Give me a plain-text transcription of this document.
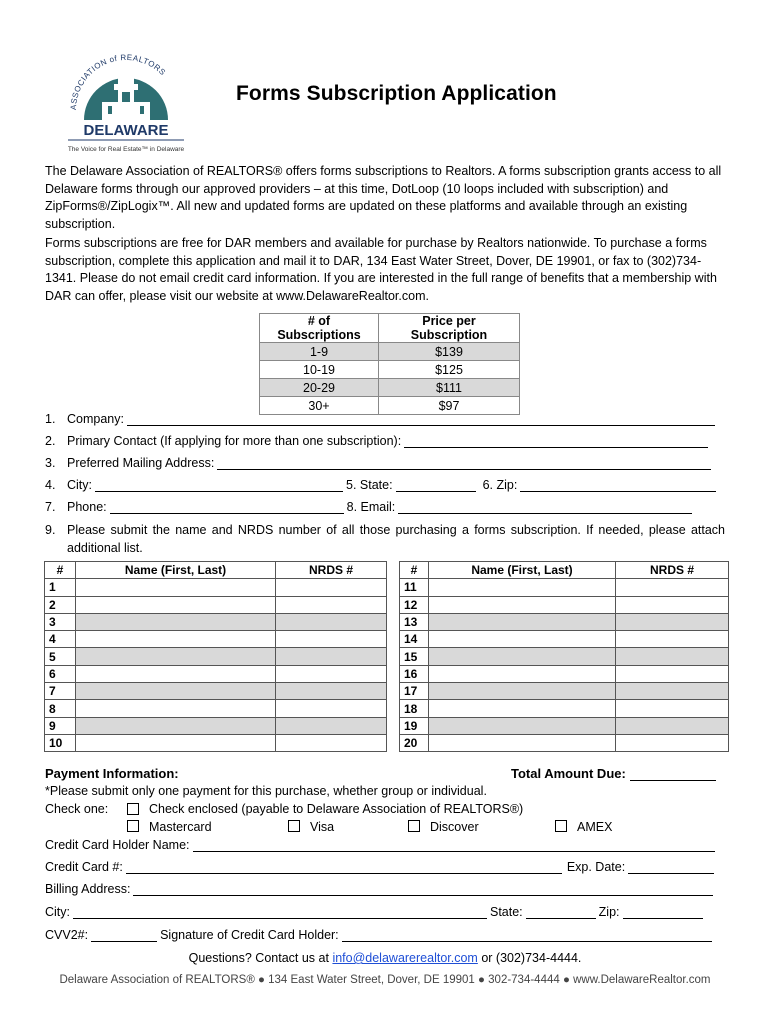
ASSOCIATION of REALTORS
DELAWARE
The Voice for Real Estate™ in Delaware
Forms Subscription Application
The Delaware Association of REALTORS® offers forms subscriptions to Realtors. A forms subscription grants access to all Delaware forms through our approved providers – at this time, DotLoop (10 loops included with subscription) and ZipForms®/ZipLogix™. All new and updated forms are updated on these platforms and available through an existing subscription.
Forms subscriptions are free for DAR members and available for purchase by Realtors nationwide. To purchase a forms subscription, complete this application and mail it to DAR, 134 East Water Street, Dover, DE 19901, or fax to (302)734-1341. Please do not email credit card information. If you are interested in the full range of benefits that a membership with DAR can offer, please visit our website at www.DelawareRealtor.com.
# of Subscriptions	Price per Subscription
1-9	$139
10-19	$125
20-29	$111
30+	$97
1. Company:
2. Primary Contact (If applying for more than one subscription):
3. Preferred Mailing Address:
4. City:	5. State:	6. Zip:
7. Phone:	8. Email:
9. Please submit the name and NRDS number of all those purchasing a forms subscription. If needed, please attach additional list.
#	Name (First, Last)	NRDS #		#	Name (First, Last)	NRDS #
1				11		
2				12		
3				13		
4				14		
5				15		
6				16		
7				17		
8				18		
9				19		
10				20		
Payment Information:	Total Amount Due:
*Please submit only one payment for this purchase, whether group or individual.
Check one:	Check enclosed (payable to Delaware Association of REALTORS®)
Mastercard	Visa	Discover	AMEX
Credit Card Holder Name:
Credit Card #:	Exp. Date:
Billing Address:
City:	State:	Zip:
CVV2#:	Signature of Credit Card Holder:
Questions? Contact us at info@delawarerealtor.com or (302)734-4444.
Delaware Association of REALTORS® ● 134 East Water Street, Dover, DE 19901 ● 302-734-4444 ● www.DelawareRealtor.com
